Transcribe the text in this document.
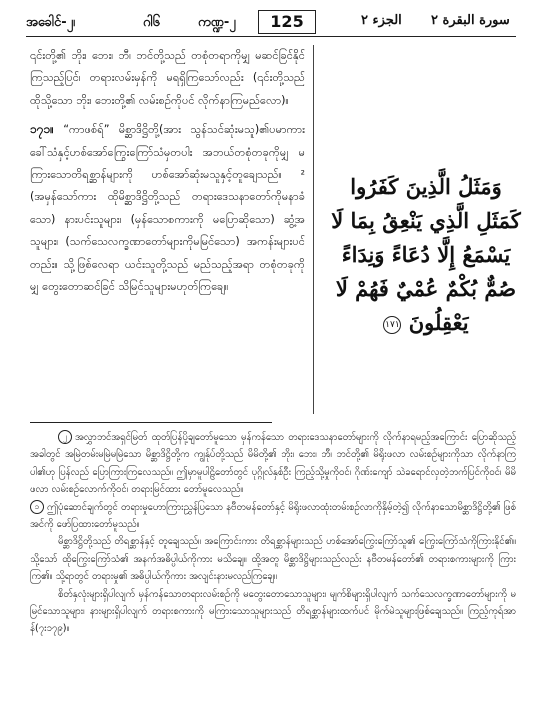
အခေါင်-၂၊	ဂါ၆	ကဏ္ဍ-၂	125	الجزء ٢ سورة البقرة ٢

၎င်းတို့၏ ဘိုး၊ ဘေး၊ ဘီ၊ ဘင်တို့သည် တစုံတရာကိုမျှ မဆင်ခြင်နိုင်ကြသည့်ပြင်၊ တရားလမ်းမှန်ကို မရရှိကြသော်လည်း (၎င်းတို့သည် ထိုသို့သော ဘိုး၊ ဘေးတို့၏ လမ်းစဉ်ကိုပင် လိုက်နာကြမည်လော)။

၁၇၁။ “ကာဖစ်ရ်” မိစ္ဆာဒိဋ္ဌိတို့(အား သွန်သင်ဆုံးမသူ)၏ပမာကား ခေါ်သံနှင့်ဟစ်အော်ကြွေးကြော်သံမှတပါး အဘယ်တစုံတခုကိုမျှ မကြားသောတိရစ္ဆာန်များကို ဟစ်အော်ဆုံးမသူနှင့်တူချေသည်။ ² (အမှန်သော်ကား ထိုမိစ္ဆာဒိဋ္ဌိတို့သည် တရားဒေသနာတော်ကိုမနာခံသော) နားပင်းသူများ၊ (မှန်သောစကားကို မပြောဆိုသော) ဆွံ့အသူများ၊ (သက်သေလက္ခဏာတော်များကိုမမြင်သော) အကန်းများပင်တည်း။ သို့ဖြစ်လေရာ ယင်းသူတို့သည် မည်သည့်အရာ တစုံတခုကိုမျှ တွေးတောဆင်ခြင် သိမြင်သူများမဟုတ်ကြချေ။

وَمَثَلُ الَّذِينَ كَفَرُوا كَمَثَلِ الَّذِي يَنْعِقُ بِمَا لَا يَسْمَعُ إِلَّا دُعَاءً وَنِدَاءً صُمٌّ بُكْمٌ عُمْيٌ فَهُمْ لَا يَعْقِلُونَ ١٧١

၂ အလွှာဘင်အရှင်မြတ် ထုတ်ပြန်ပို့ချတော်မူသော မှန်ကန်သော တရားဒေသနာတော်များကို လိုက်နာရမည့်အကြောင်း ပြောဆိုသည့်အခါတွင် အမြဲတမ်းမမြဲမမြဲသော မိစ္ဆာဒိဋ္ဌိတို့က ကျွန်ုပ်တို့သည် မိမိတို့၏ ဘိုး၊ ဘေး၊ ဘီ၊ ဘင်တို့၏ မိရိုးဖလာ လမ်းစဉ်များကိုသာ လိုက်နာကြပါ၏ဟု ပြန်လည် ပြောကြားကြလေသည်။ ဤမှာမူပါဠိတော်တွင် ပုဂ္ဂိုလ်နှစ်ဦး ကြည့်သို့မှုကိုဝင်၊ ဂိုဏ်းကျော် သဲခရောင်လှတဲ့ဘက်ပြင်ကိုဝင်၊ မိမိဖလာ လမ်းစဉ်လောက်ကိုဝင်၊ တရားမြင်ထား တော်မူလေသည်။

၁ ဤပုံဆောင်ချက်တွင် တရားမှုဟောကြားညွှန်ပြသော နဗီတမန်တော်နှင့် မိရိုးဖလာထုံးတမ်းစဉ်လာကိုနှိမ့်တဲ့၍ လိုက်နာသောမိစ္ဆာဒိဋ္ဌိတို့၏ ဖြစ်အင်ကို ဖော်ပြထားတော်မူသည်။

မိစ္ဆာဒိဋ္ဌိတို့သည် တိရစ္ဆာန်နှင့် တူချေသည်။ အကြောင်းကား တိရစ္ဆာန်များသည် ဟစ်အော်ကြွေးကြော်သူ၏ ကြွေးကြော်သံကိုကြားနိုင်၏။ သို့သော် ထိုကြွေးကြော်သံ၏ အနက်အဓိပ္ပါယ်ကိုကား မသိချေ။ ထို့အတူ မိစ္ဆာဒိဋ္ဌိများသည်လည်း နဗီတမန်တော်၏ တရားစကားများကို ကြားကြ၏။ သို့ရာတွင် တရားမှု၏ အဓိပ္ပါယ်ကိုကား အလျင်းနားမလည်ကြချေ။

စိတ်နှလုံးများရှိပါလျက် မှန်ကန်သောတရားလမ်းစဉ်ကို မတွေးတောသောသူများ၊ မျက်စိများရှိပါလျက် သက်သေလက္ခဏာတော်များကို မမြင်သောသူများ၊ နားများရှိပါလျက် တရားစကားကို မကြားသောသူများသည် တိရစ္ဆာန်များထက်ပင် မိုက်မဲသူများဖြစ်ချေသည်။ ကြည့်ကုရ်အာန်(၇း၁၇၉)။
